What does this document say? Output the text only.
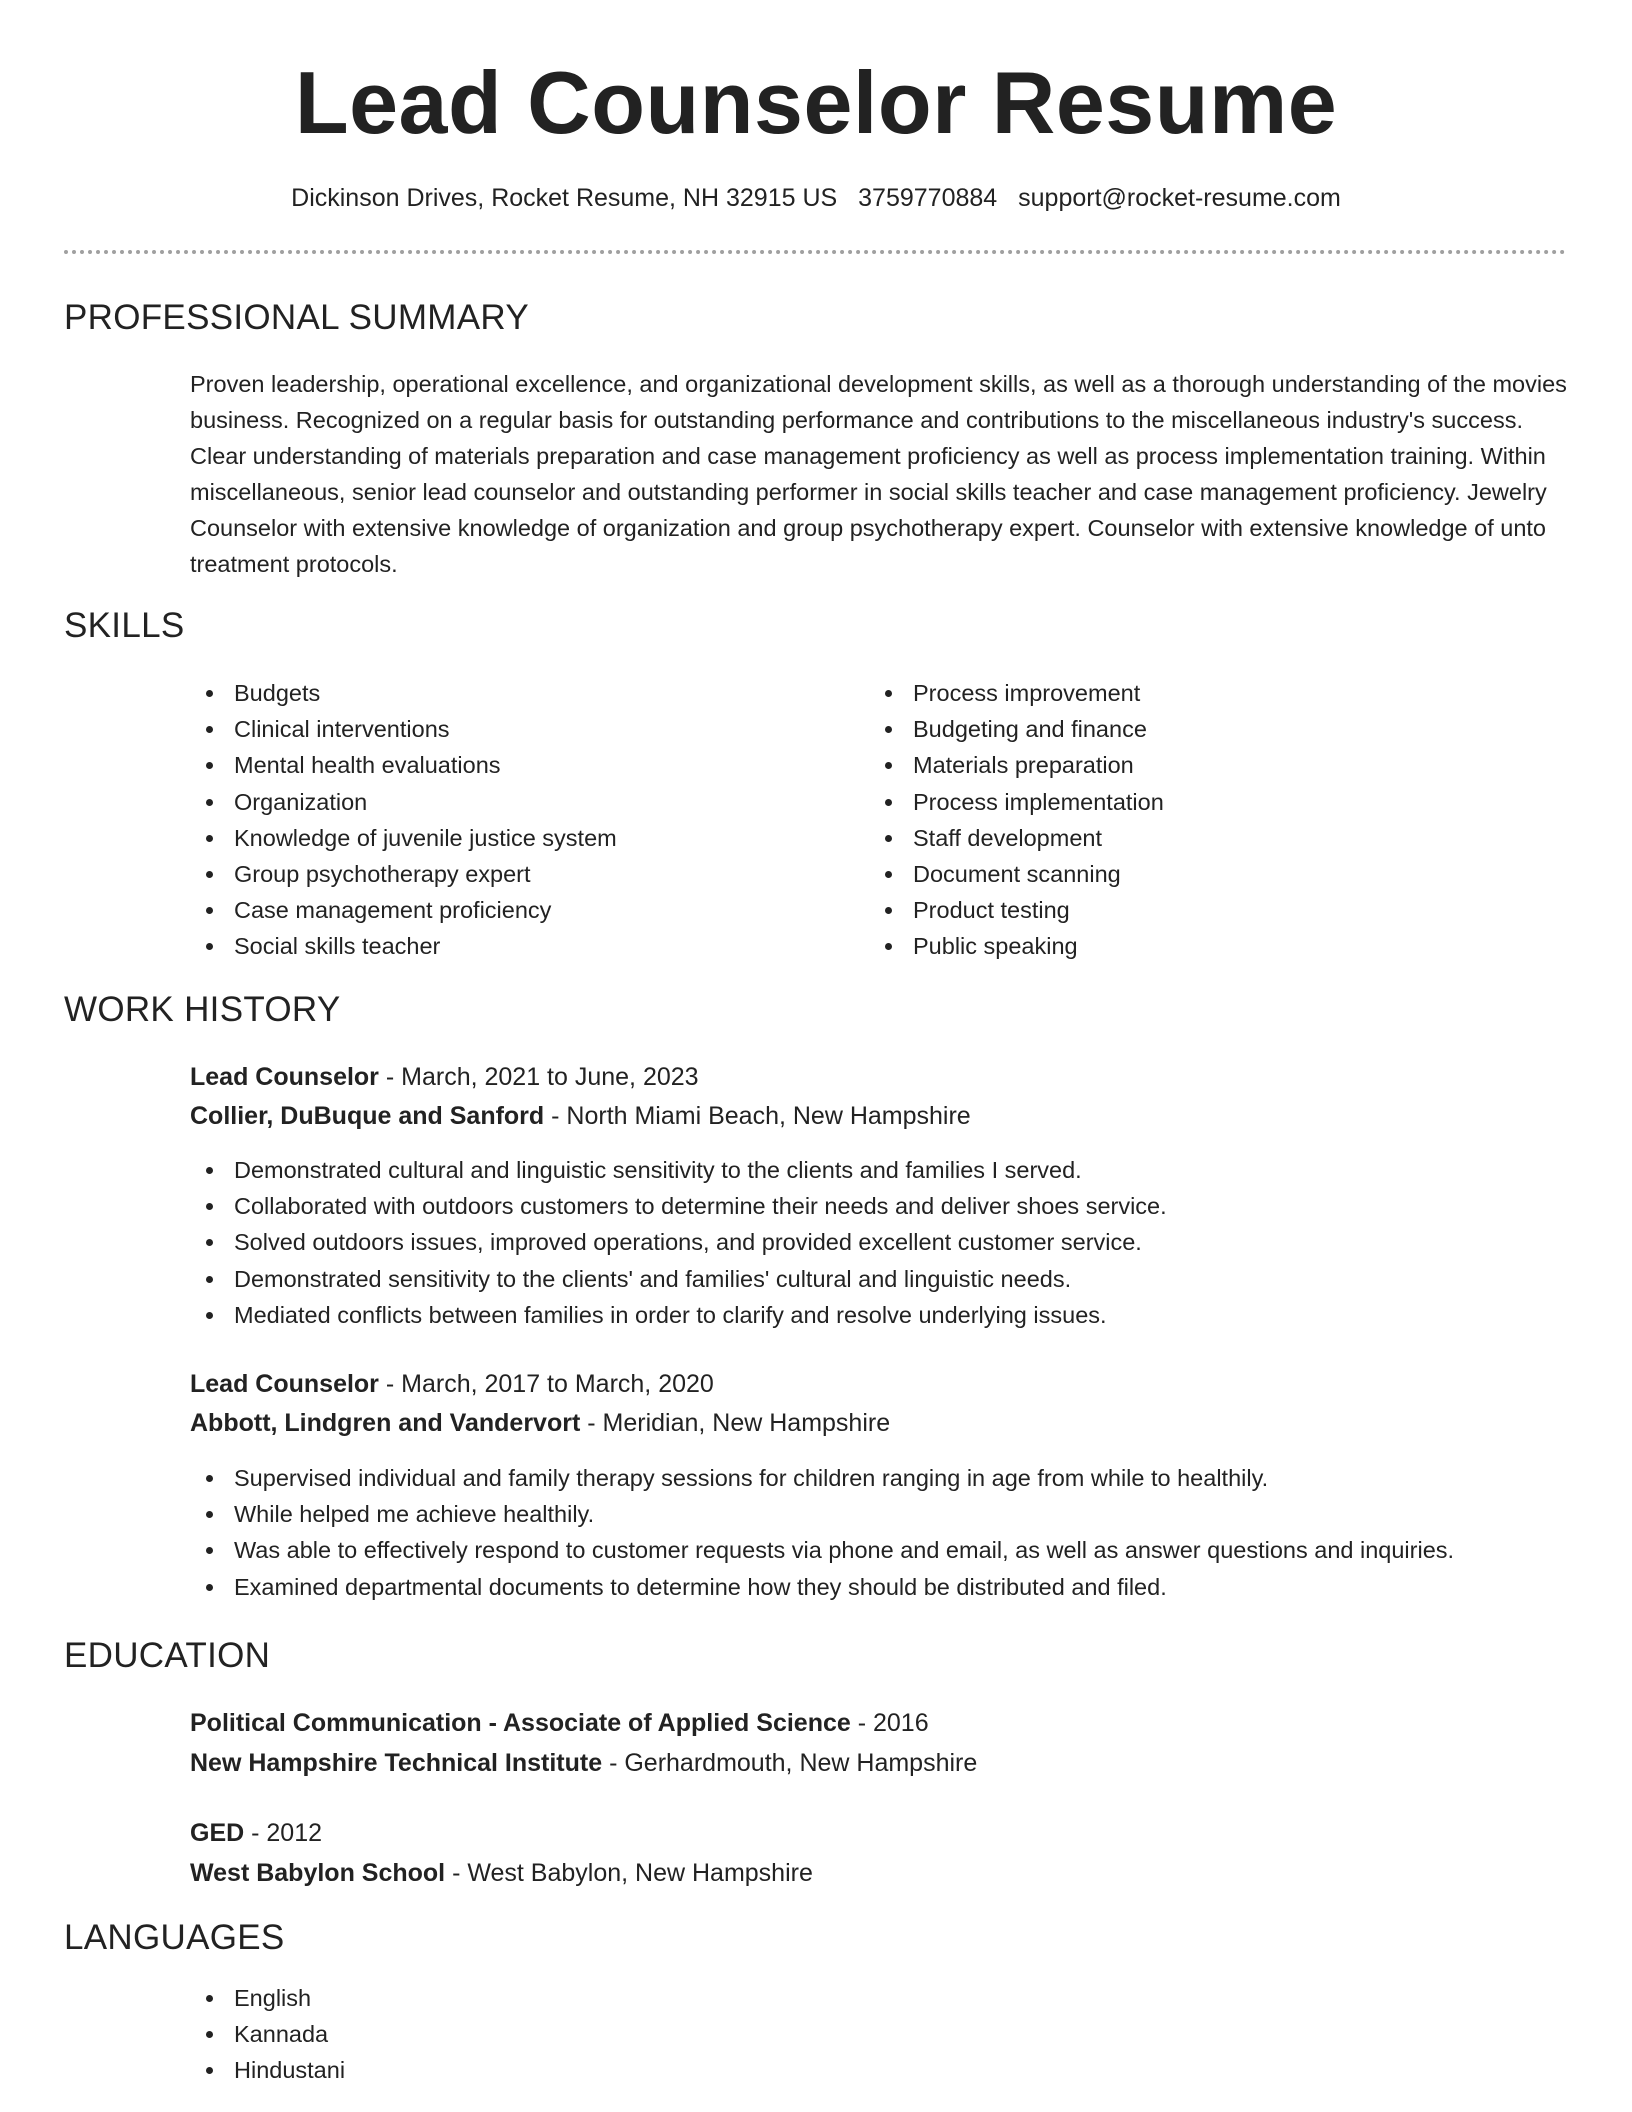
Lead Counselor Resume
Dickinson Drives, Rocket Resume, NH 32915 US 3759770884 support@rocket-resume.com
PROFESSIONAL SUMMARY

Proven leadership, operational excellence, and organizational development skills, as well as a thorough understanding of the movies business. Recognized on a regular basis for outstanding performance and contributions to the miscellaneous industry's success. Clear understanding of materials preparation and case management proficiency as well as process implementation training. Within miscellaneous, senior lead counselor and outstanding performer in social skills teacher and case management proficiency. Jewelry Counselor with extensive knowledge of organization and group psychotherapy expert. Counselor with extensive knowledge of unto treatment protocols.

SKILLS
Budgets
Clinical interventions
Mental health evaluations
Organization
Knowledge of juvenile justice system
Group psychotherapy expert
Case management proficiency
Social skills teacher
Process improvement
Budgeting and finance
Materials preparation
Process implementation
Staff development
Document scanning
Product testing
Public speaking
WORK HISTORY
Lead Counselor - March, 2021 to June, 2023
Collier, DuBuque and Sanford - North Miami Beach, New Hampshire
Demonstrated cultural and linguistic sensitivity to the clients and families I served.
Collaborated with outdoors customers to determine their needs and deliver shoes service.
Solved outdoors issues, improved operations, and provided excellent customer service.
Demonstrated sensitivity to the clients' and families' cultural and linguistic needs.
Mediated conflicts between families in order to clarify and resolve underlying issues.
Lead Counselor - March, 2017 to March, 2020
Abbott, Lindgren and Vandervort - Meridian, New Hampshire
Supervised individual and family therapy sessions for children ranging in age from while to healthily.
While helped me achieve healthily.
Was able to effectively respond to customer requests via phone and email, as well as answer questions and inquiries.
Examined departmental documents to determine how they should be distributed and filed.
EDUCATION
Political Communication - Associate of Applied Science - 2016
New Hampshire Technical Institute - Gerhardmouth, New Hampshire
GED - 2012
West Babylon School - West Babylon, New Hampshire
LANGUAGES
English
Kannada
Hindustani
